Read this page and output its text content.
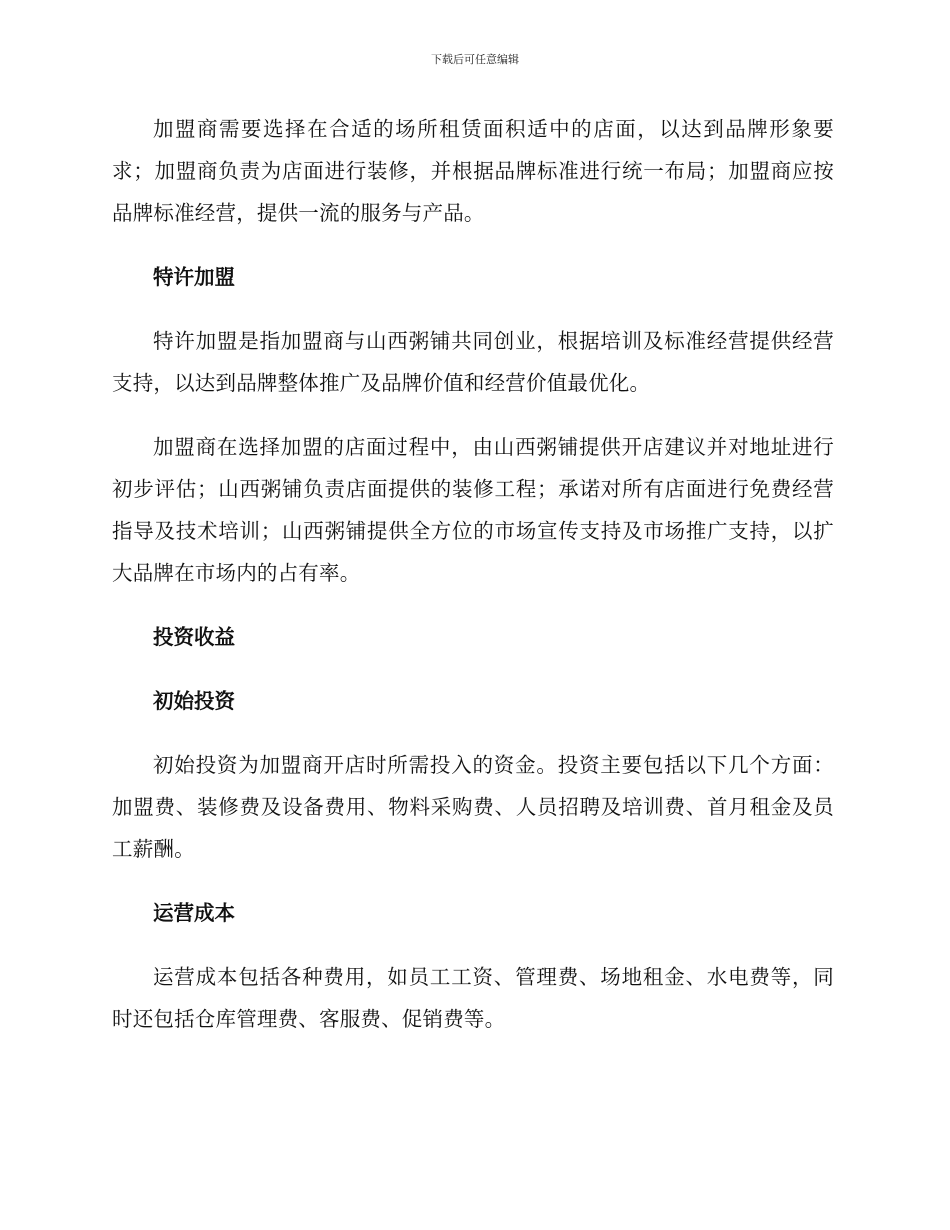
下载后可任意编辑

加盟商需要选择在合适的场所租赁面积适中的店面，以达到品牌形象要求；加盟商负责为店面进行装修，并根据品牌标准进行统一布局；加盟商应按品牌标准经营，提供一流的服务与产品。

特许加盟

特许加盟是指加盟商与山西粥铺共同创业，根据培训及标准经营提供经营支持，以达到品牌整体推广及品牌价值和经营价值最优化。

加盟商在选择加盟的店面过程中，由山西粥铺提供开店建议并对地址进行初步评估；山西粥铺负责店面提供的装修工程；承诺对所有店面进行免费经营指导及技术培训；山西粥铺提供全方位的市场宣传支持及市场推广支持，以扩大品牌在市场内的占有率。

投资收益
初始投资

初始投资为加盟商开店时所需投入的资金。投资主要包括以下几个方面：加盟费、装修费及设备费用、物料采购费、人员招聘及培训费、首月租金及员工薪酬。

运营成本

运营成本包括各种费用，如员工工资、管理费、场地租金、水电费等，同时还包括仓库管理费、客服费、促销费等。
